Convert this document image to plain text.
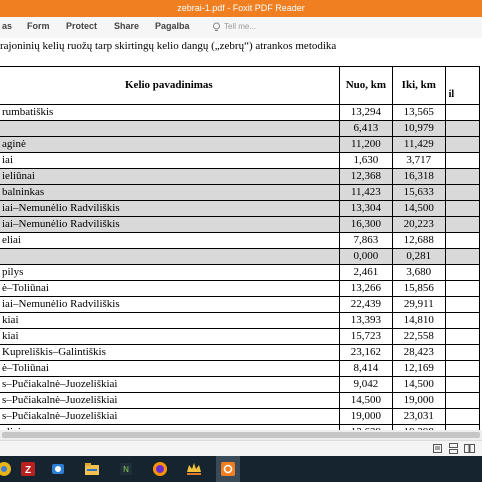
zebrai-1.pdf - Foxit PDF Reader
as Form Protect Share Pagalba	Tell me...
rajoninių kelių ruožų tarp skirtingų kelio dangų („zebrų“) atrankos metodika
Kelio pavadinimas	Nuo, km	Iki, km	il
rumbatiškis	13,294	13,565	
	6,413	10,979	
aginė	11,200	11,429	
iai	1,630	3,717	
ieliūnai	12,368	16,318	
balninkas	11,423	15,633	
iai–Nemunėlio Radviliškis	13,304	14,500	
iai–Nemunėlio Radviliškis	16,300	20,223	
eliai	7,863	12,688	
	0,000	0,281	
pilys	2,461	3,680	
ė–Toliūnai	13,266	15,856	
iai–Nemunėlio Radviliškis	22,439	29,911	
kiai	13,393	14,810	
kiai	15,723	22,558	
Kupreliškis–Galintiškis	23,162	28,423	
ė–Toliūnai	8,414	12,169	
s–Pučiakalnė–Juozeliškiai	9,042	14,500	
s–Pučiakalnė–Juozeliškiai	14,500	19,000	
s–Pučiakalnė–Juozeliškiai	19,000	23,031	

Z	N
